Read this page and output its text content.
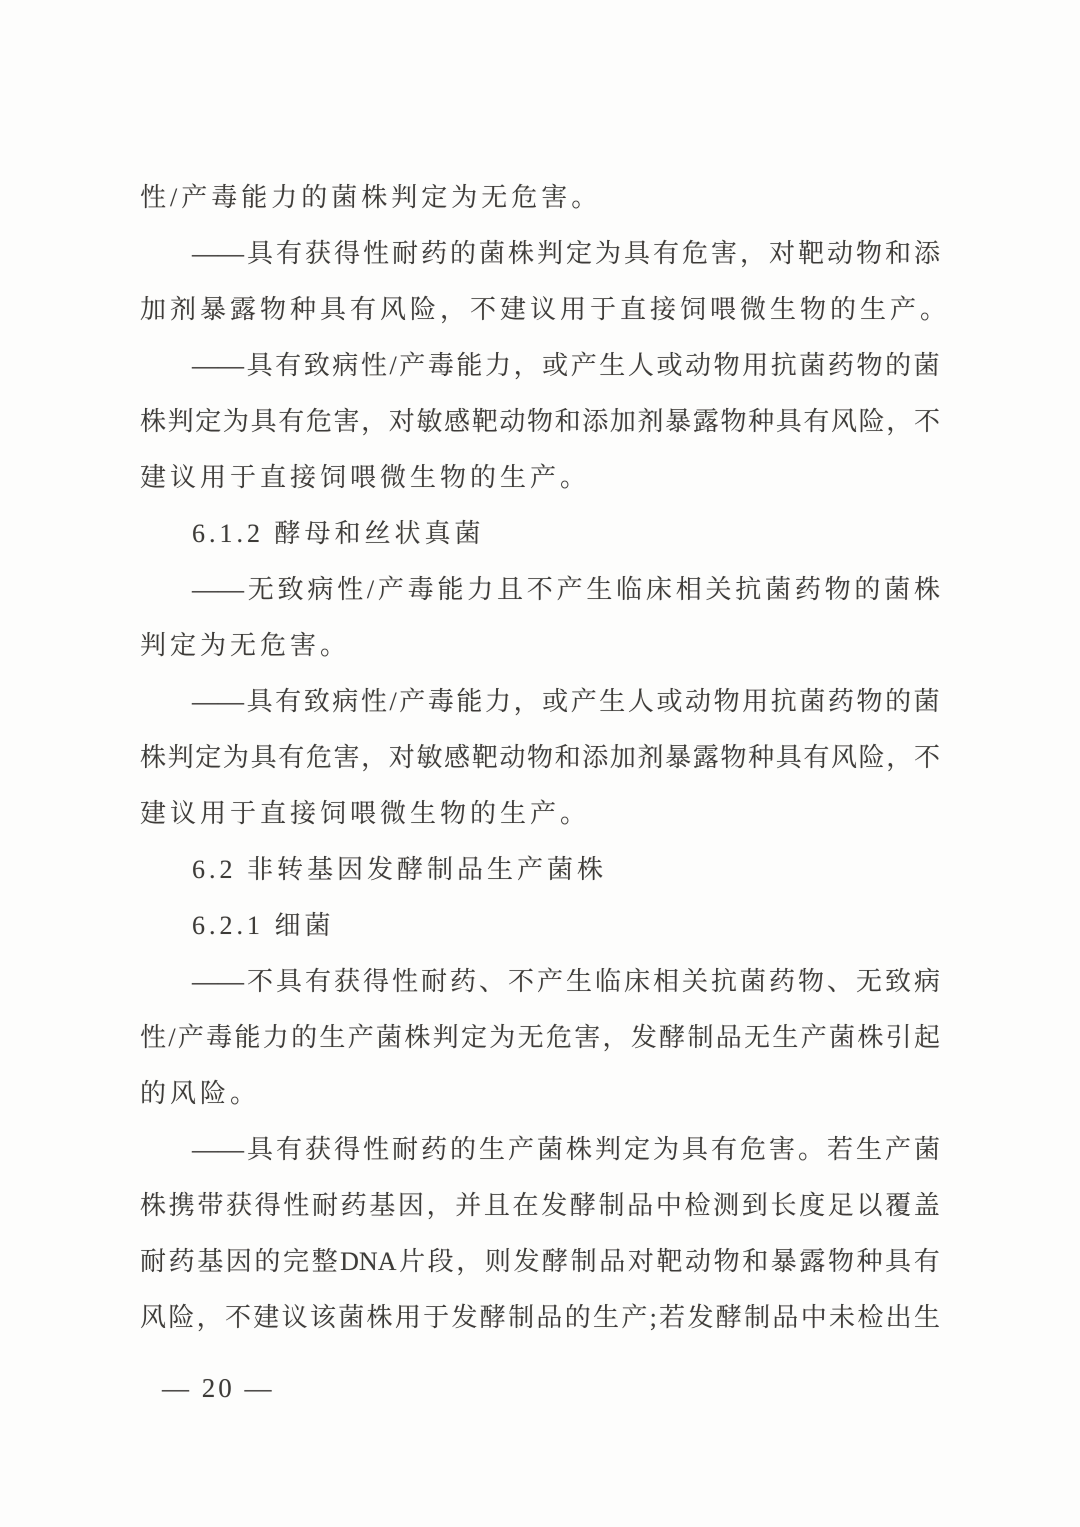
性/产毒能力的菌株判定为无危害。
—— 具 有 获 得 性 耐 药 的 菌 株 判 定 为 具 有 危 害 ， 对 靶 动 物 和 添
加剂暴露物种具有风险，不建议用于直接饲喂微生物的生产。
—— 具 有 致 病 性 / 产 毒 能 力 ， 或 产 生 人 或 动 物 用 抗 菌 药 物 的 菌
株 判 定 为 具 有 危 害 ， 对 敏 感 靶 动 物 和 添 加 剂 暴 露 物 种 具 有 风 险 ， 不
建议用于直接饲喂微生物的生产。
6.1.2 酵母和丝状真菌
—— 无 致 病 性 / 产 毒 能 力 且 不 产 生 临 床 相 关 抗 菌 药 物 的 菌 株
判定为无危害。
—— 具 有 致 病 性 / 产 毒 能 力 ， 或 产 生 人 或 动 物 用 抗 菌 药 物 的 菌
株 判 定 为 具 有 危 害 ， 对 敏 感 靶 动 物 和 添 加 剂 暴 露 物 种 具 有 风 险 ， 不
建议用于直接饲喂微生物的生产。
6.2 非转基因发酵制品生产菌株
6.2.1 细菌
—— 不 具 有 获 得 性 耐 药 、 不 产 生 临 床 相 关 抗 菌 药 物 、 无 致 病
性 / 产 毒 能 力 的 生 产 菌 株 判 定 为 无 危 害 ， 发 酵 制 品 无 生 产 菌 株 引 起
的风险。
—— 具 有 获 得 性 耐 药 的 生 产 菌 株 判 定 为 具 有 危 害 。 若 生 产 菌
株 携 带 获 得 性 耐 药 基 因 ， 并 且 在 发 酵 制 品 中 检 测 到 长 度 足 以 覆 盖
耐 药 基 因 的 完 整 DNA 片 段 ， 则 发 酵 制 品 对 靶 动 物 和 暴 露 物 种 具 有
风 险 ， 不 建 议 该 菌 株 用 于 发 酵 制 品 的 生 产 ; 若 发 酵 制 品 中 未 检 出 生
— 20 —
